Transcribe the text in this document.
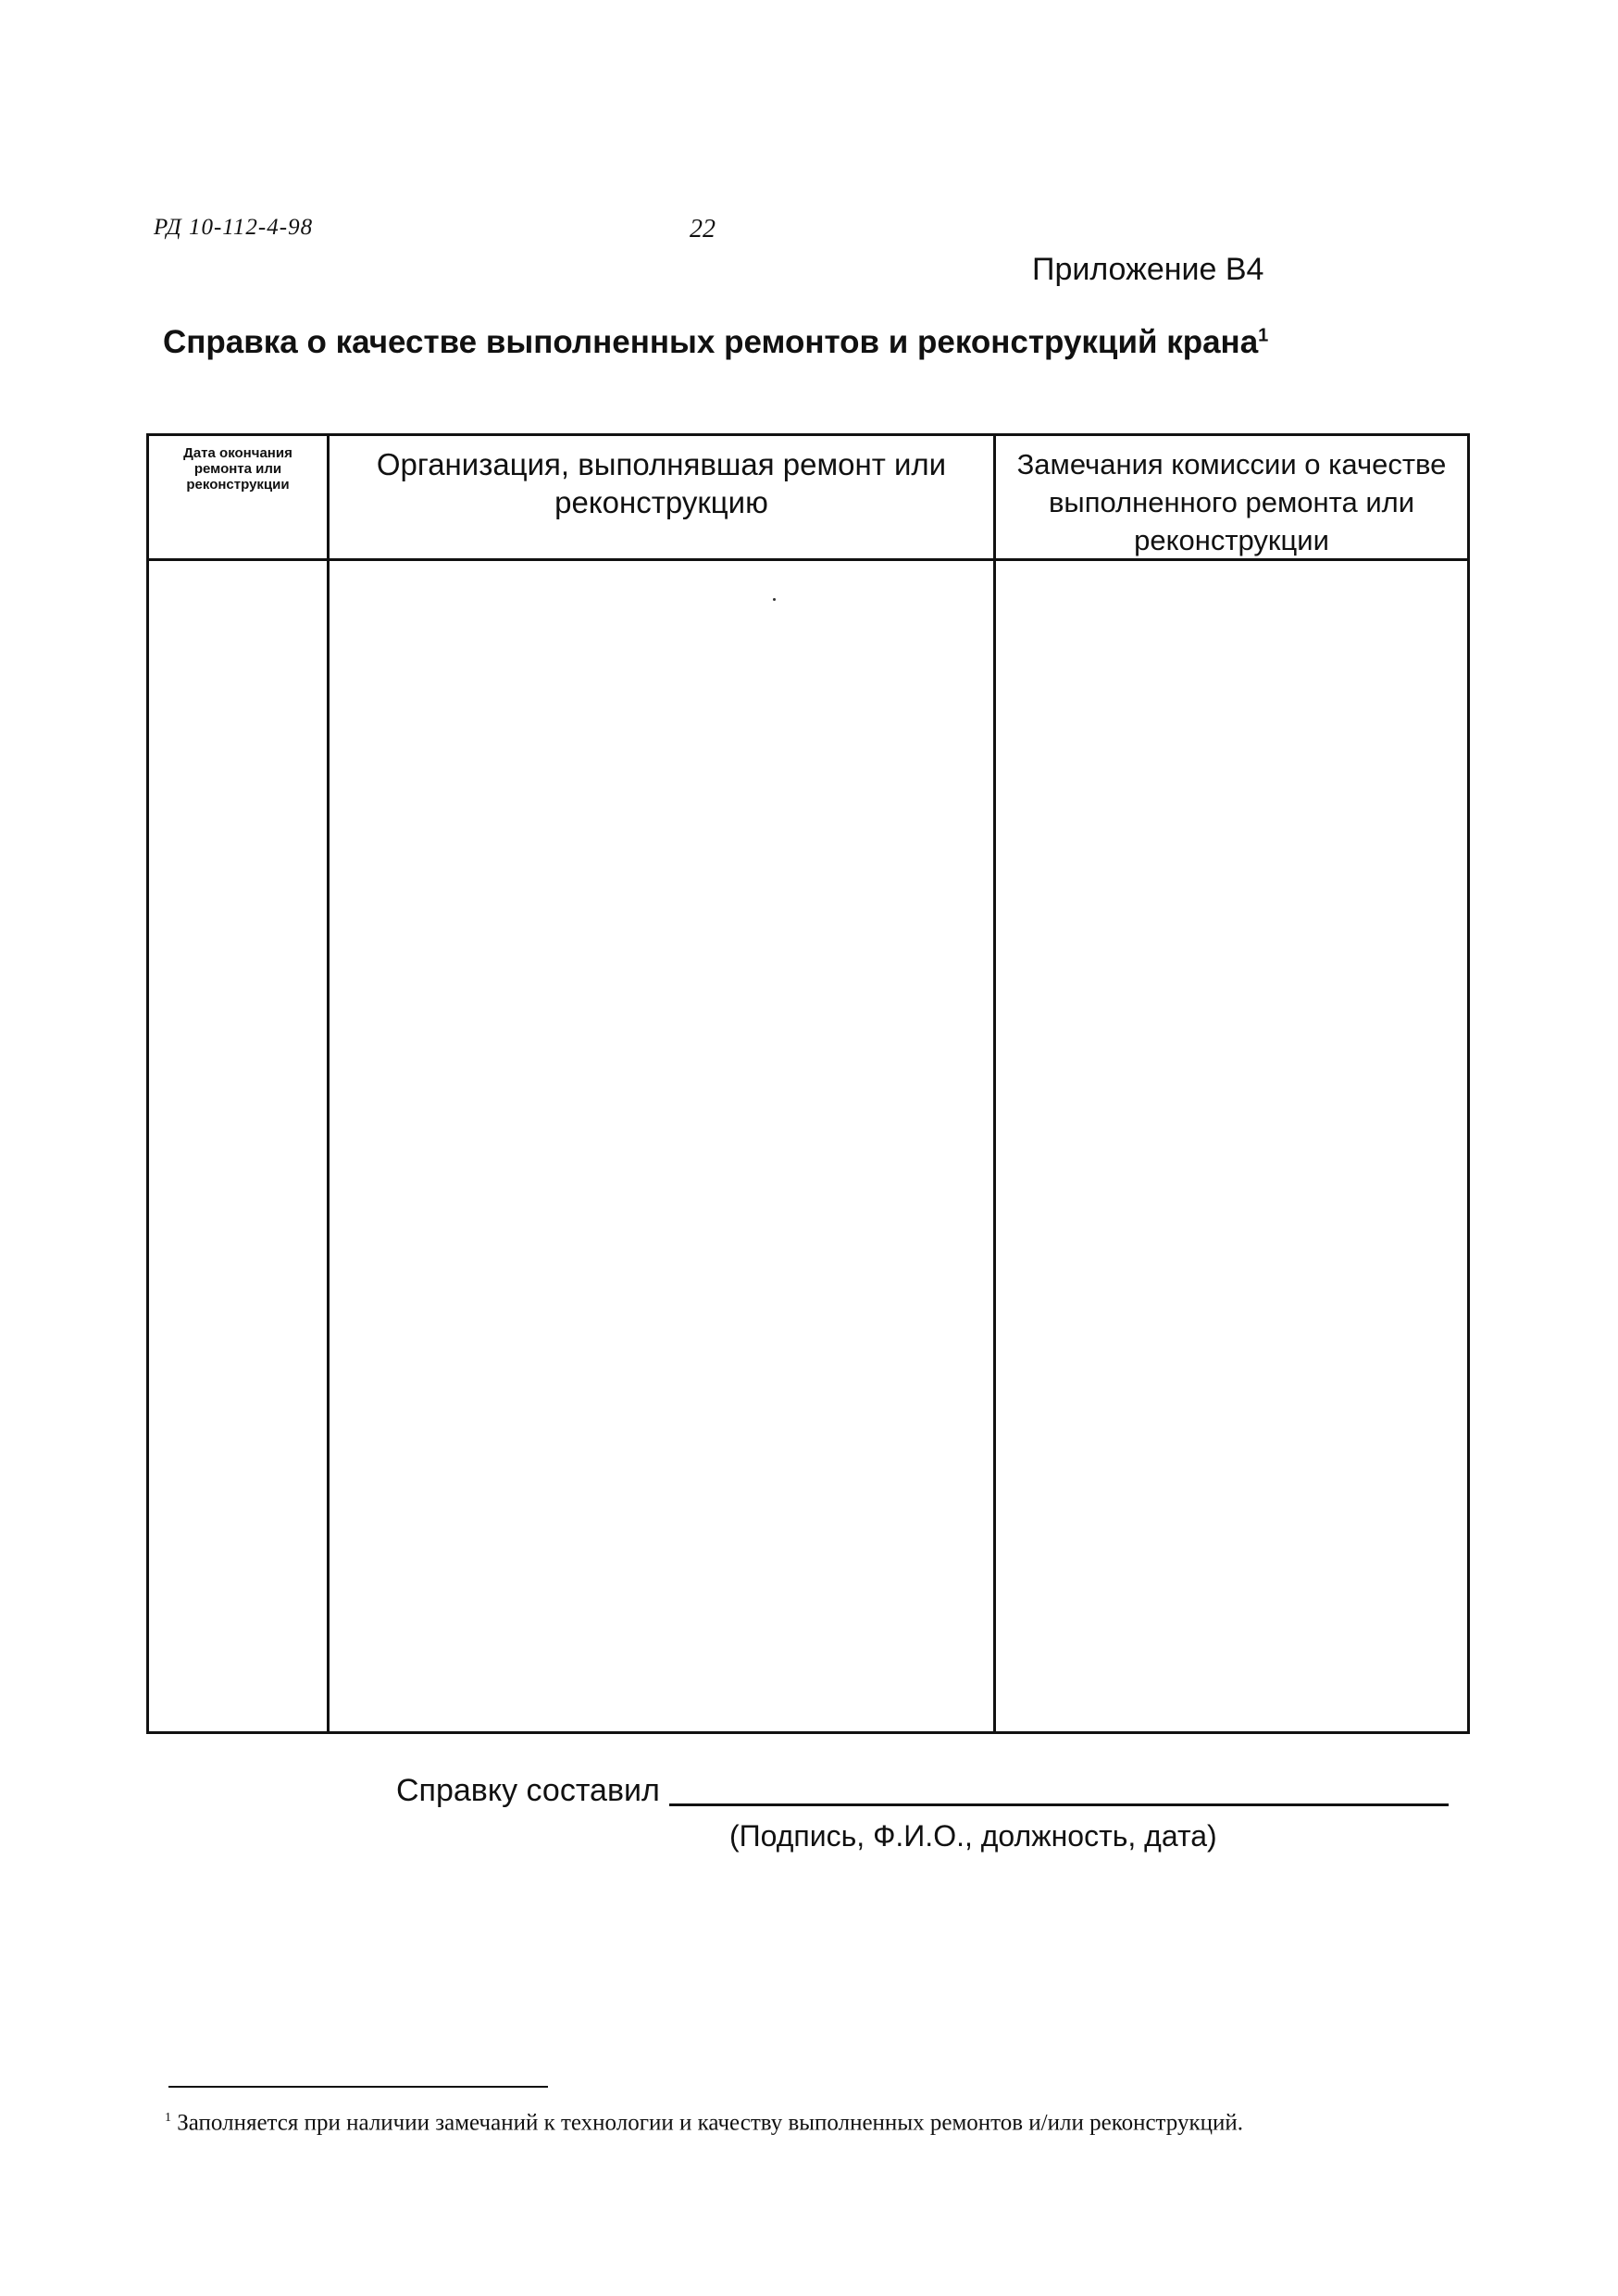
РД 10-112-4-98	22
Приложение В4
Справка о качестве выполненных ремонтов и реконструкций крана$^1$
Дата окончания ремонта или реконструкции
Организация, выполнявшая ремонт или реконструкцию
Замечания комиссии о качестве выполненного ремонта или реконструкции
Справку составил
(Подпись, Ф.И.О., должность, дата)
$^1$ Заполняется при наличии замечаний к технологии и качеству выполненных ремонтов и/или реконструкций.
